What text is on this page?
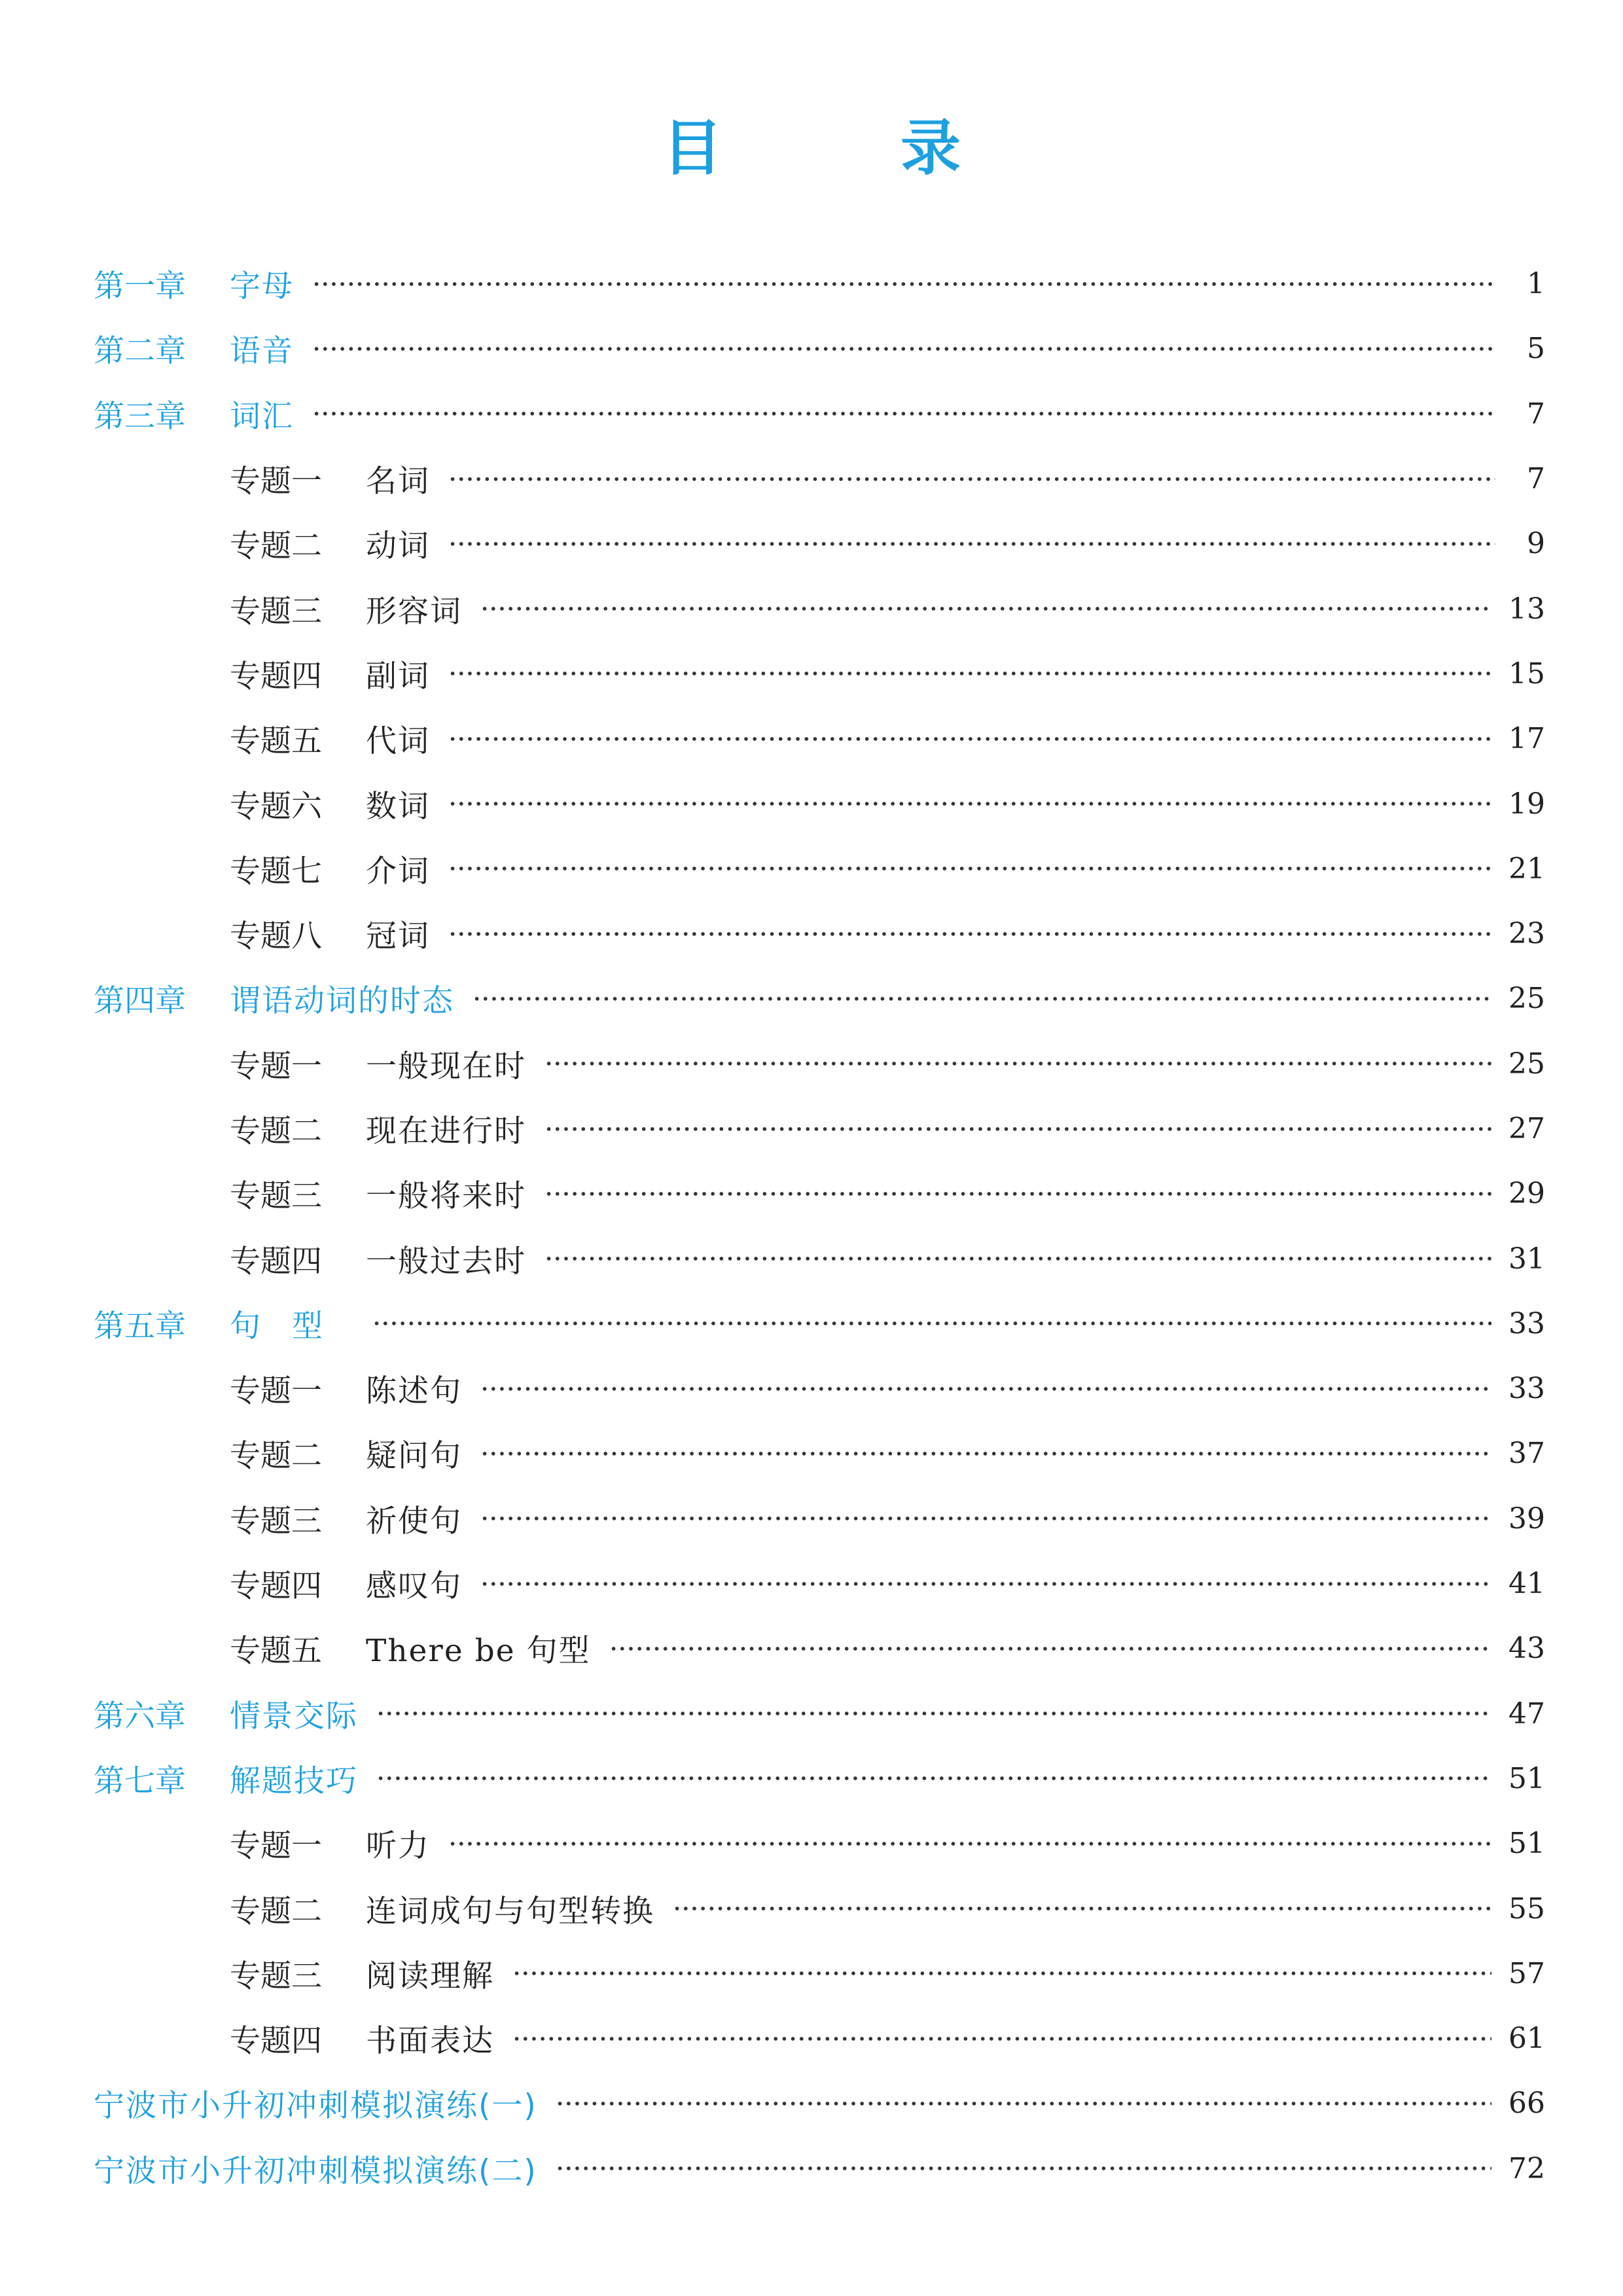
目　录
第一章	字母	1
第二章	语音	5
第三章	词汇	7
专题一	名词	7
专题二	动词	9
专题三	形容词	13
专题四	副词	15
专题五	代词	17
专题六	数词	19
专题七	介词	21
专题八	冠词	23
第四章	谓语动词的时态	25
专题一	一般现在时	25
专题二	现在进行时	27
专题三	一般将来时	29
专题四	一般过去时	31
第五章	句型	33
专题一	陈述句	33
专题二	疑问句	37
专题三	祈使句	39
专题四	感叹句	41
专题五	There be 句型	43
第六章	情景交际	47
第七章	解题技巧	51
专题一	听力	51
专题二	连词成句与句型转换	55
专题三	阅读理解	57
专题四	书面表达	61
宁波市小升初冲刺模拟演练(一)	66
宁波市小升初冲刺模拟演练(二)	72
